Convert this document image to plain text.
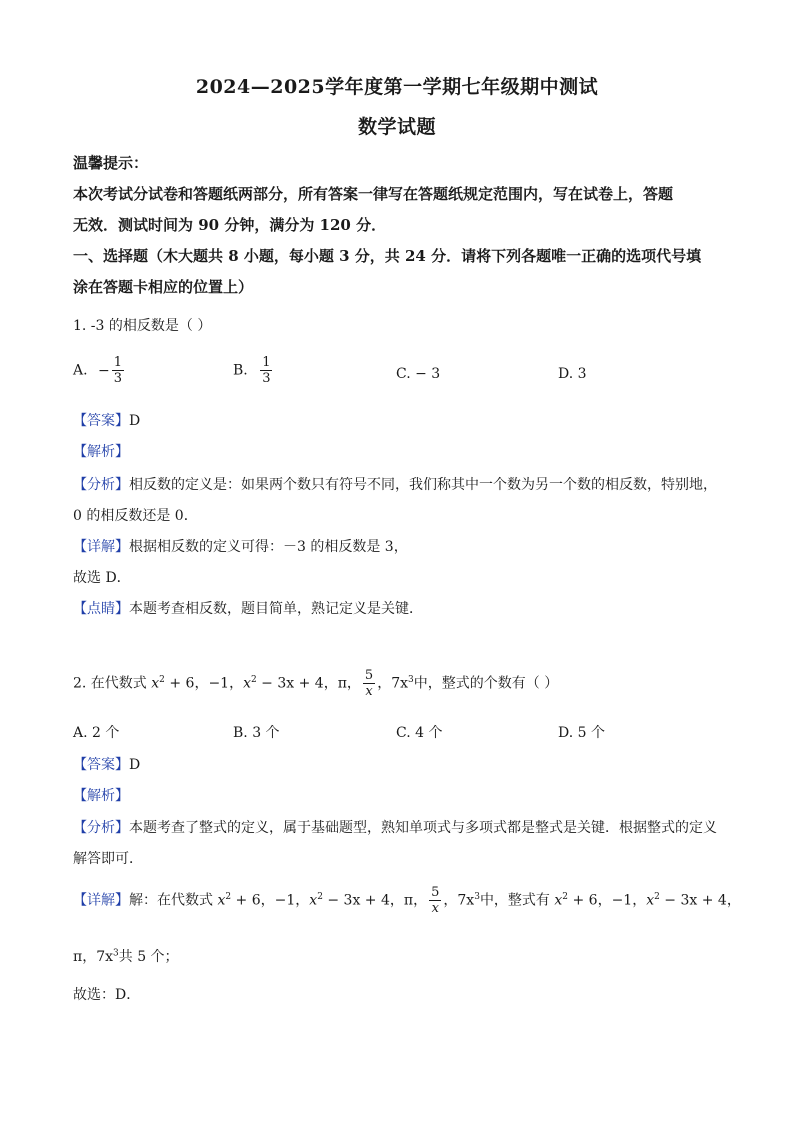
2024—2025学年度第一学期七年级期中测试
数学试题
温馨提示：
本次考试分试卷和答题纸两部分，所有答案一律写在答题纸规定范围内，写在试卷上，答题
无效．测试时间为 90 分钟，满分为 120 分．
一、选择题（木大题共 8 小题，每小题 3 分，共 24 分．请将下列各题唯一正确的选项代号填
涂在答题卡相应的位置上）
1. -3 的相反数是（ ）
A. − $\frac{1}{3}$	B. $\frac{1}{3}$	C. − 3	D. 3
【答案】D
【解析】
【分析】相反数的定义是：如果两个数只有符号不同，我们称其中一个数为另一个数的相反数，特别地，
0 的相反数还是 0．
【详解】根据相反数的定义可得：－3 的相反数是 3，
故选 D．
【点睛】本题考查相反数，题目简单，熟记定义是关键．
2. 在代数式 $x^2 + 6$，−1，$x^2 - 3x + 4$，π， $\frac{5}{x}$ ，$7x^3$中，整式的个数有（ ）
A. 2 个	B. 3 个	C. 4 个	D. 5 个
【答案】D
【解析】
【分析】本题考查了整式的定义，属于基础题型，熟知单项式与多项式都是整式是关键．根据整式的定义
解答即可．
【详解】解：在代数式 $x^2 + 6$，−1，$x^2 - 3x + 4$，π， $\frac{5}{x}$ ，$7x^3$中，整式有 $x^2 + 6$，−1，$x^2 - 3x + 4$，
π，$7x^3$共 5 个；
故选：D．
